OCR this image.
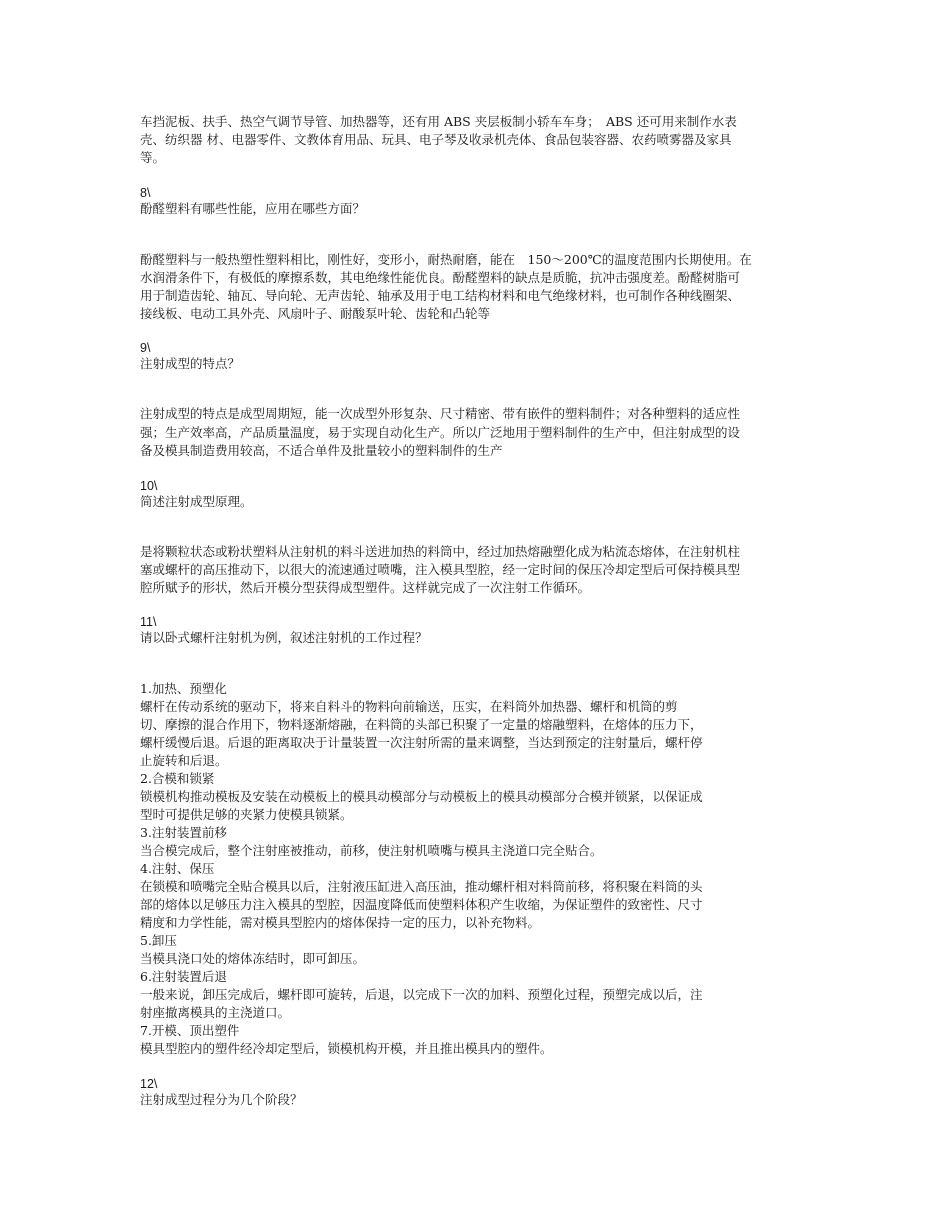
车挡泥板、扶手、热空气调节导管、加热器等，还有用 ABS 夹层板制小轿车车身；　ABS 还可用来制作水表
壳、纺织器 材、电器零件、文教体育用品、玩具、电子琴及收录机壳体、食品包装容器、农药喷雾器及家具
等。
8\
酚醛塑料有哪些性能，应用在哪些方面？
酚醛塑料与一般热塑性塑料相比，刚性好，变形小，耐热耐磨，能在　150～200℃的温度范围内长期使用。在
水润滑条件下，有极低的摩擦系数，其电绝缘性能优良。酚醛塑料的缺点是质脆，抗冲击强度差。酚醛树脂可
用于制造齿轮、轴瓦、导向轮、无声齿轮、轴承及用于电工结构材料和电气绝缘材料，也可制作各种线圈架、
接线板、电动工具外壳、风扇叶子、耐酸泵叶轮、齿轮和凸轮等
9\
注射成型的特点？
注射成型的特点是成型周期短，能一次成型外形复杂、尺寸精密、带有嵌件的塑料制件；对各种塑料的适应性
强；生产效率高，产品质量温度，易于实现自动化生产。所以广泛地用于塑料制件的生产中，但注射成型的设
备及模具制造费用较高，不适合单件及批量较小的塑料制件的生产
10\
简述注射成型原理。
是将颗粒状态或粉状塑料从注射机的料斗送进加热的料筒中，经过加热熔融塑化成为粘流态熔体，在注射机柱
塞或螺杆的高压推动下，以很大的流速通过喷嘴，注入模具型腔，经一定时间的保压冷却定型后可保持模具型
腔所赋予的形状，然后开模分型获得成型塑件。这样就完成了一次注射工作循环。
11\
请以卧式螺杆注射机为例，叙述注射机的工作过程？
1.加热、预塑化
螺杆在传动系统的驱动下，将来自料斗的物料向前输送，压实，在料筒外加热器、螺杆和机筒的剪
切、摩擦的混合作用下，物料逐渐熔融，在料筒的头部已积聚了一定量的熔融塑料，在熔体的压力下，
螺杆缓慢后退。后退的距离取决于计量装置一次注射所需的量来调整，当达到预定的注射量后，螺杆停
止旋转和后退。
2.合模和锁紧
锁模机构推动模板及安装在动模板上的模具动模部分与动模板上的模具动模部分合模并锁紧，以保证成
型时可提供足够的夹紧力使模具锁紧。
3.注射装置前移
当合模完成后，整个注射座被推动，前移，使注射机喷嘴与模具主浇道口完全贴合。
4.注射、保压
在锁模和喷嘴完全贴合模具以后，注射液压缸进入高压油，推动螺杆相对料筒前移，将积聚在料筒的头
部的熔体以足够压力注入模具的型腔，因温度降低而使塑料体积产生收缩，为保证塑件的致密性、尺寸
精度和力学性能，需对模具型腔内的熔体保持一定的压力，以补充物料。
5.卸压
当模具浇口处的熔体冻结时，即可卸压。
6.注射装置后退
一般来说，卸压完成后，螺杆即可旋转，后退，以完成下一次的加料、预塑化过程，预塑完成以后，注
射座撤离模具的主浇道口。
7.开模、顶出塑件
模具型腔内的塑件经冷却定型后，锁模机构开模，并且推出模具内的塑件。
12\
注射成型过程分为几个阶段？
